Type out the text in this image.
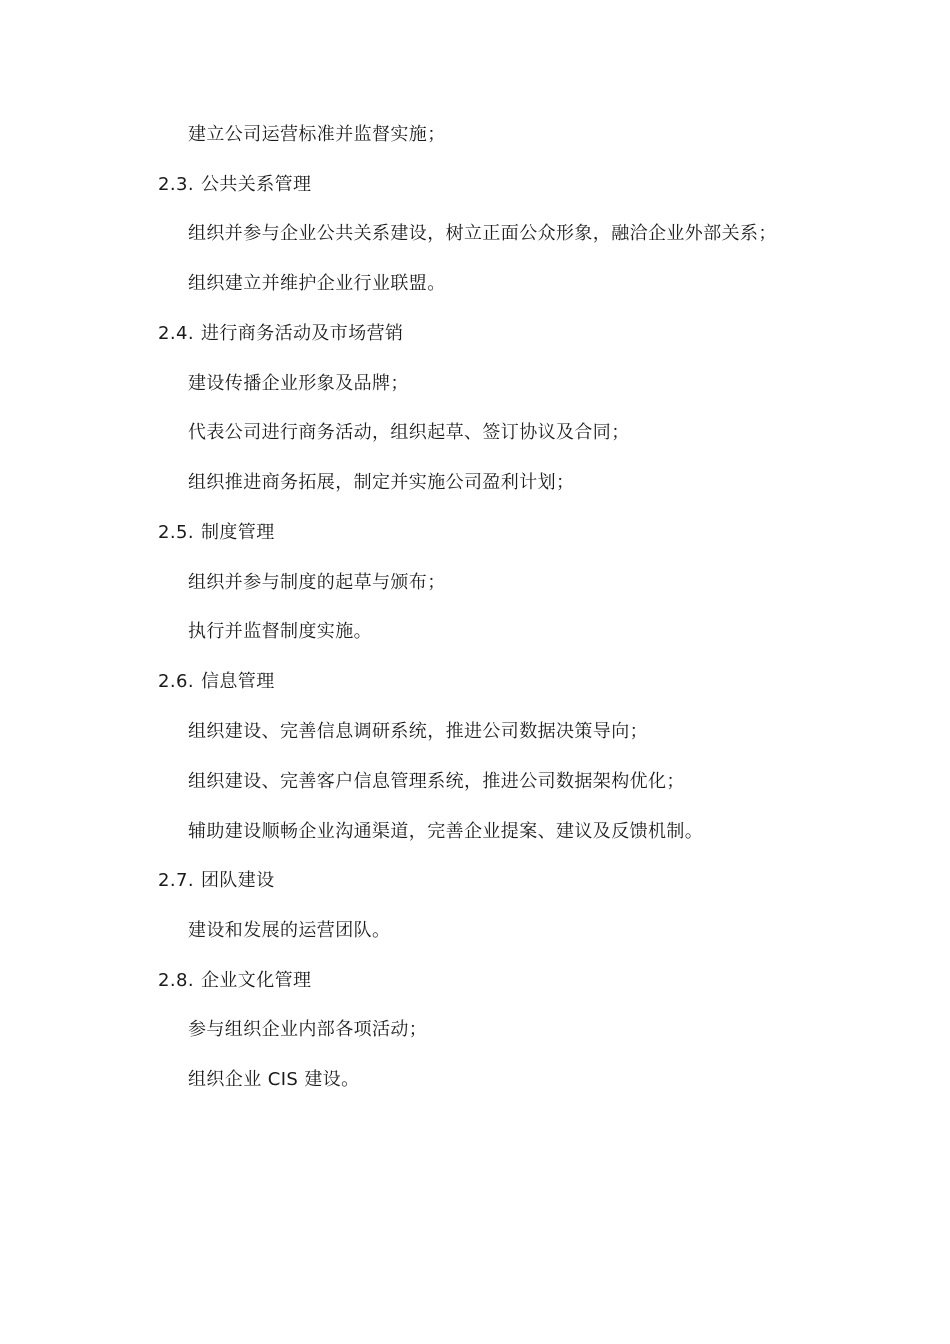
建立公司运营标准并监督实施；
2.3. 公共关系管理
组织并参与企业公共关系建设，树立正面公众形象，融洽企业外部关系；
组织建立并维护企业行业联盟。
2.4. 进行商务活动及市场营销
建设传播企业形象及品牌；
代表公司进行商务活动，组织起草、签订协议及合同；
组织推进商务拓展，制定并实施公司盈利计划；
2.5. 制度管理
组织并参与制度的起草与颁布；
执行并监督制度实施。
2.6. 信息管理
组织建设、完善信息调研系统，推进公司数据决策导向；
组织建设、完善客户信息管理系统，推进公司数据架构优化；
辅助建设顺畅企业沟通渠道，完善企业提案、建议及反馈机制。
2.7. 团队建设
建设和发展的运营团队。
2.8. 企业文化管理
参与组织企业内部各项活动；
组织企业 CIS 建设。
